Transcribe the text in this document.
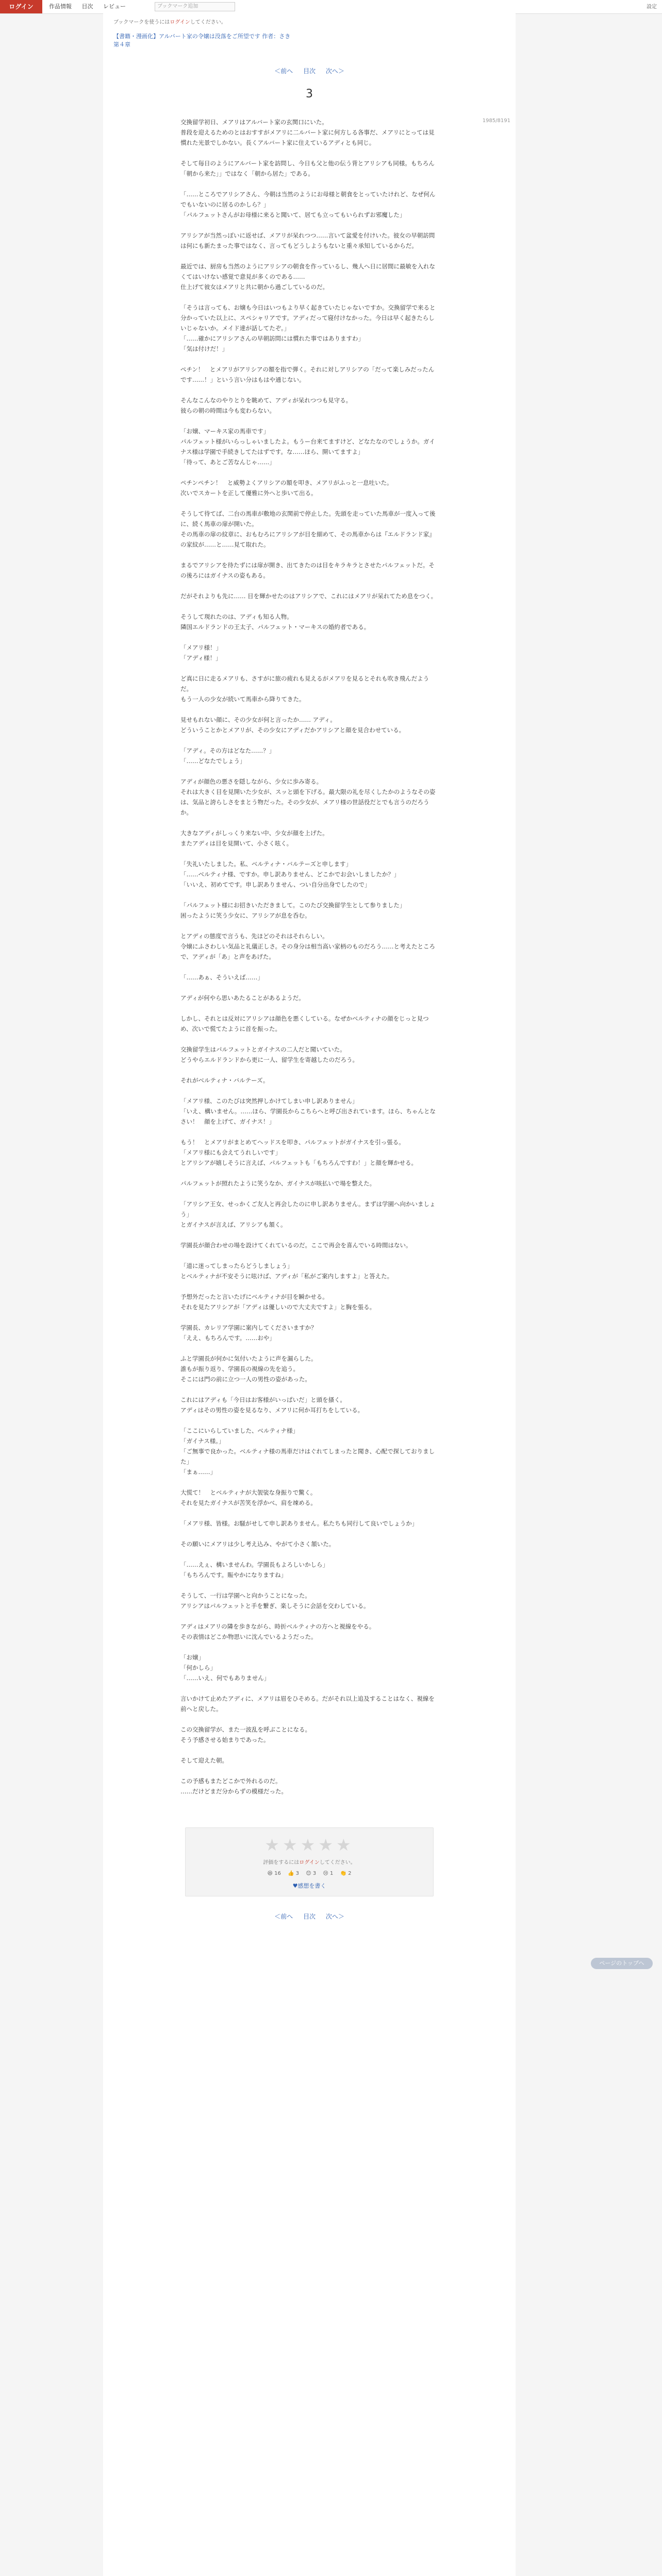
ログイン	作品情報 目次 レビュー	ブックマーク追加	設定
ブックマークを使うにはログインしてください。
【書籍・漫画化】アルバート家の令嬢は没落をご所望です 作者：さき
第４章
＜前へ 目次 次へ＞
1985/8191
3

交換留学初日、メアリはアルバート家の玄関口にいた。
普段を迎えるためのとはおすすがメアリに二ルバート家に何方しる各事だ、メアリにとっては見慣れた光景でしかない。長くアルバート家に住えているアディとも同じ。

そして毎日のようにアルバート家を訪問し、今日も父と他の伝う背とアリシアも同様。もちろん「朝から来た」」ではなく「朝から居た」である。

「……ところでアリシアさん、今朝は当然のようにお母様と朝食をとっていたけれど、なぜ何んでもいないのに居るのかしら？」
「パルフェットさんがお母様に来ると聞いて、居ても立ってもいられずお邪魔した」

アリシアが当然っぽいに返せば、メアリが呆れつつ……言いて盆愛を付けいた。彼女の早朝訪問は何にも新たまった事ではなく、言ってもどうしようもないと重々承知しているからだ。

最近では、厨房も当然のようにアリシアの朝食を作っているし、幾人へ日に居間に最敏を入れなくてはいけない感覚で意見が多くのである……
仕上げて彼女はメアリと共に朝から過ごしているのだ。

「そうは言っても、お嬢も今日はいつもより早く起きていたじゃないですか。交換留学で来ると分かっていた以上に、スペシャリアです。アディだって寝付けなかった。今日は早く起きたらしいじゃないか。メイド達が話してたぞ。」
「……確かにアリシアさんの早朝訪問には慣れた事ではありますわ」
「気は付けだ！」

ぺチン！　とメアリがアリシアの額を指で弾く。それに対しアリシアの「だって楽しみだったんです……！」という言い分はもはや通じない。

そんなこんなのやりとりを眺めて、アディが呆れつつも見守る。
彼らの朝の時間は今も変わらない。

「お嬢、マーキス家の馬車です」
パルフェット様がいらっしゃいましたよ。もうー台来てますけど、どなたなのでしょうか。ガイナス様は学園で手続きしてたはずです。な……ほら、開いてますよ」
「待って、あとご苦なんじゃ……」

ペチンペチン！　と威勢よくアリシアの額を叩き、メアリがふっと一息吐いた。
次いでスカートを正して優雅に外へと歩いて出る。

そうして待てば、二台の馬車が敷地の玄関前で停止した。先頭を走っていた馬車が一度入って後に、続く馬車の扉が開いた。
その馬車の扉の紋章に、おもむろにアリシアが目を細めて、その馬車からは『エルドランド家』の家紋が……と……見て取れた。

まるでアリシアを待たずには扉が開き、出てきたのは目をキラキラとさせたパルフェットだ。その後ろにはガイナスの姿もある。

だがそれよりも先に…… 目を輝かせたのはアリシアで、これにはメアリが呆れてため息をつく。

そうして現れたのは、アディも知る人物。
隣国エルドランドの王太子、パルフェット・マーキスの婚約者である。

「メアリ様！」
「アディ様！」

ど真に日に走るメアリも、さすがに旅の疲れも見えるがメアリを見るとそれも吹き飛んだようだ。
もう一人の少女が続いて馬車から降りてきた。

見せもれない顔に、その少女が何と言ったか…… アディ。
どういうことかとメアリが、その少女にアディだかアリシアと顔を見合わせている。

「アディ。その方はどなた……？」
「……どなたでしょう」

アディが顔色の悪さを隠しながら、少女に歩み寄る。
それは大きく目を見開いた少女が、スッと頭を下げる。最大限の礼を尽くしたかのようなその姿は、気品と誇らしさをまとう物だった。その少女が、メアリ様の世話役だとでも言うのだろうか。

大きなアディがしっくり来ない中、少女が顔を上げた。
またアディは目を見開いて、小さく呟く。

「失礼いたしました。私、ベルティナ・バルテーズと申します」
「……ベルティナ様、ですか。申し訳ありません、どこかでお会いしましたか？」
「いいえ、初めてです。申し訳ありません、つい自分出身でしたので」

「パルフェット様にお招きいただきまして。このたび交換留学生として参りました」
困ったように笑う少女に、アリシアが息を呑む。

とアディの態度で言うも、先ほどのそれはそれらしい。
令嬢にふさわしい気品と礼儀正しさ。その身分は相当高い家柄のものだろう……と考えたところで、アディが「あ」と声をあげた。

「……あぁ、そういえば……」

アディが何やら思いあたることがあるようだ。

しかし、それとは反対にアリシアは顔色を悪くしている。なぜかベルティナの顔をじっと見つめ、次いで慌てたように首を振った。

交換留学生はパルフェットとガイナスの二人だと聞いていた。
どうやらエルドランドから更に一人、留学生を寄越したのだろう。

それがベルティナ・バルテーズ。

「メアリ様、このたびは突然押しかけてしまい申し訳ありません」
「いえ、構いません。……ほら、学園長からこちらへと呼び出されています。ほら、ちゃんとなさい！　顔を上げて、ガイナス！」

もう！　とメアリがまとめてヘッドスを叩き、パルフェットがガイナスを引っ張る。
「メアリ様にも会えてうれしいです」
とアリシアが嬉しそうに言えば、パルフェットも「もちろんですわ！」と顔を輝かせる。

パルフェットが照れたように笑うなか、ガイナスが咳払いで場を整えた。

「アリシア王女、せっかくご友人と再会したのに申し訳ありません。まずは学園へ向かいましょう」
とガイナスが言えば、アリシアも頷く。

学園長が顔合わせの場を設けてくれているのだ。ここで再会を喜んでいる時間はない。

「道に迷ってしまったらどうしましょう」
とベルティナが不安そうに呟けば、アディが「私がご案内しますよ」と答えた。

予想外だったと言いたげにベルティナが目を瞬かせる。
それを見たアリシアが「アディは優しいので大丈夫ですよ」と胸を張る。

学園長、カレリア学園に案内してくださいますか？
「ええ、もちろんです。……おや」

ふと学園長が何かに気付いたように声を漏らした。
誰もが振り返り、学園長の視線の先を追う。
そこには門の前に立つ一人の男性の姿があった。

これにはアディも「今日はお客様がいっぱいだ」と頭を搔く。
アディはその男性の姿を見るなり、メアリに何か耳打ちをしている。

「ここにいらしていました、ベルティナ様」
「ガイナス様。」
「ご無事で良かった。ベルティナ様の馬車だけはぐれてしまったと聞き、心配で探しておりました」
「まぁ……」

大慌て！　とベルティナが大袈裟な身振りで驚く。
それを見たガイナスが苦笑を浮かべ、肩を竦める。

「メアリ様、皆様。お騒がせして申し訳ありません。私たちも同行して良いでしょうか」

その願いにメアリは少し考え込み、やがて小さく頷いた。

「……えぇ、構いませんわ。学園長もよろしいかしら」
「もちろんです。賑やかになりますね」

そうして、一行は学園へと向かうことになった。
アリシアはパルフェットと手を繋ぎ、楽しそうに会話を交わしている。

アディはメアリの隣を歩きながら、時折ベルティナの方へと視線をやる。
その表情はどこか物思いに沈んでいるようだった。

「お嬢」
「何かしら」
「……いえ、何でもありません」

言いかけて止めたアディに、メアリは眉をひそめる。だがそれ以上追及することはなく、視線を前へと戻した。

この交換留学が、また一波乱を呼ぶことになる。
そう予感させる始まりであった。

そして迎えた朝。

この予感もまたどこかで外れるのだ。
……だけどまだ分からずの模様だった。

★★★★★
評価をするにはログインしてください。
😆 16 👍 3 😊 3 😢 1 👏 2
♥感想を書く
＜前へ 目次 次へ＞
ページのトップへ
